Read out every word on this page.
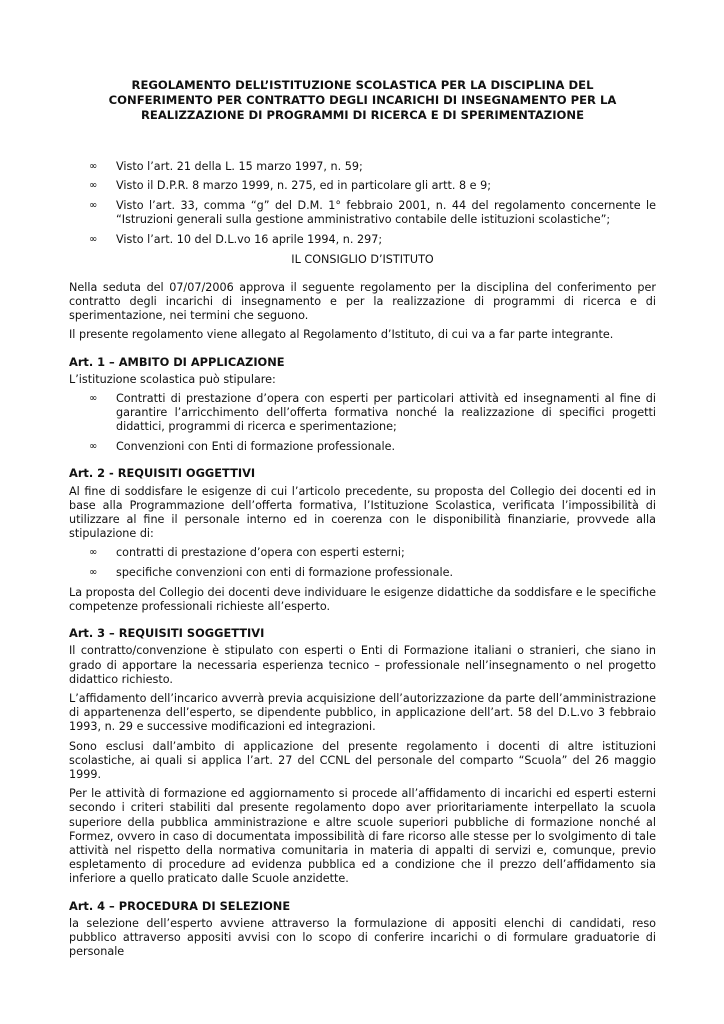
REGOLAMENTO DELL’ISTITUZIONE SCOLASTICA PER LA DISCIPLINA DEL
CONFERIMENTO PER CONTRATTO DEGLI INCARICHI DI INSEGNAMENTO PER LA
REALIZZAZIONE DI PROGRAMMI DI RICERCA E DI SPERIMENTAZIONE
∞ Visto l’art. 21 della L. 15 marzo 1997, n. 59;
∞ Visto il D.P.R. 8 marzo 1999, n. 275, ed in particolare gli artt. 8 e 9;
∞ Visto l’art. 33, comma “g” del D.M. 1° febbraio 2001, n. 44 del regolamento concernente le “Istruzioni generali sulla gestione amministrativo contabile delle istituzioni scolastiche”;
∞ Visto l’art. 10 del D.L.vo 16 aprile 1994, n. 297;
IL CONSIGLIO D’ISTITUTO

Nella seduta del 07/07/2006 approva il seguente regolamento per la disciplina del conferimento per contratto degli incarichi di insegnamento e per la realizzazione di programmi di ricerca e di sperimentazione, nei termini che seguono.

Il presente regolamento viene allegato al Regolamento d’Istituto, di cui va a far parte integrante.

Art. 1 – AMBITO DI APPLICAZIONE

L’istituzione scolastica può stipulare:

∞ Contratti di prestazione d’opera con esperti per particolari attività ed insegnamenti al fine di garantire l’arricchimento dell’offerta formativa nonché la realizzazione di specifici progetti didattici, programmi di ricerca e sperimentazione;
∞ Convenzioni con Enti di formazione professionale.
Art. 2 - REQUISITI OGGETTIVI

Al fine di soddisfare le esigenze di cui l’articolo precedente, su proposta del Collegio dei docenti ed in base alla Programmazione dell’offerta formativa, l’Istituzione Scolastica, verificata l’impossibilità di utilizzare al fine il personale interno ed in coerenza con le disponibilità finanziarie, provvede alla stipulazione di:

∞ contratti di prestazione d’opera con esperti esterni;
∞ specifiche convenzioni con enti di formazione professionale.

La proposta del Collegio dei docenti deve individuare le esigenze didattiche da soddisfare e le specifiche competenze professionali richieste all’esperto.

Art. 3 – REQUISITI SOGGETTIVI

Il contratto/convenzione è stipulato con esperti o Enti di Formazione italiani o stranieri, che siano in grado di apportare la necessaria esperienza tecnico – professionale nell’insegnamento o nel progetto didattico richiesto.

L’affidamento dell’incarico avverrà previa acquisizione dell’autorizzazione da parte dell’amministrazione di appartenenza dell’esperto, se dipendente pubblico, in applicazione dell’art. 58 del D.L.vo 3 febbraio 1993, n. 29 e successive modificazioni ed integrazioni.

Sono esclusi dall’ambito di applicazione del presente regolamento i docenti di altre istituzioni scolastiche, ai quali si applica l’art. 27 del CCNL del personale del comparto “Scuola” del 26 maggio 1999.

Per le attività di formazione ed aggiornamento si procede all’affidamento di incarichi ed esperti esterni secondo i criteri stabiliti dal presente regolamento dopo aver prioritariamente interpellato la scuola superiore della pubblica amministrazione e altre scuole superiori pubbliche di formazione nonché al Formez, ovvero in caso di documentata impossibilità di fare ricorso alle stesse per lo svolgimento di tale attività nel rispetto della normativa comunitaria in materia di appalti di servizi e, comunque, previo espletamento di procedure ad evidenza pubblica ed a condizione che il prezzo dell’affidamento sia inferiore a quello praticato dalle Scuole anzidette.

Art. 4 – PROCEDURA DI SELEZIONE

la selezione dell’esperto avviene attraverso la formulazione di appositi elenchi di candidati, reso pubblico attraverso appositi avvisi con lo scopo di conferire incarichi o di formulare graduatorie di personale
